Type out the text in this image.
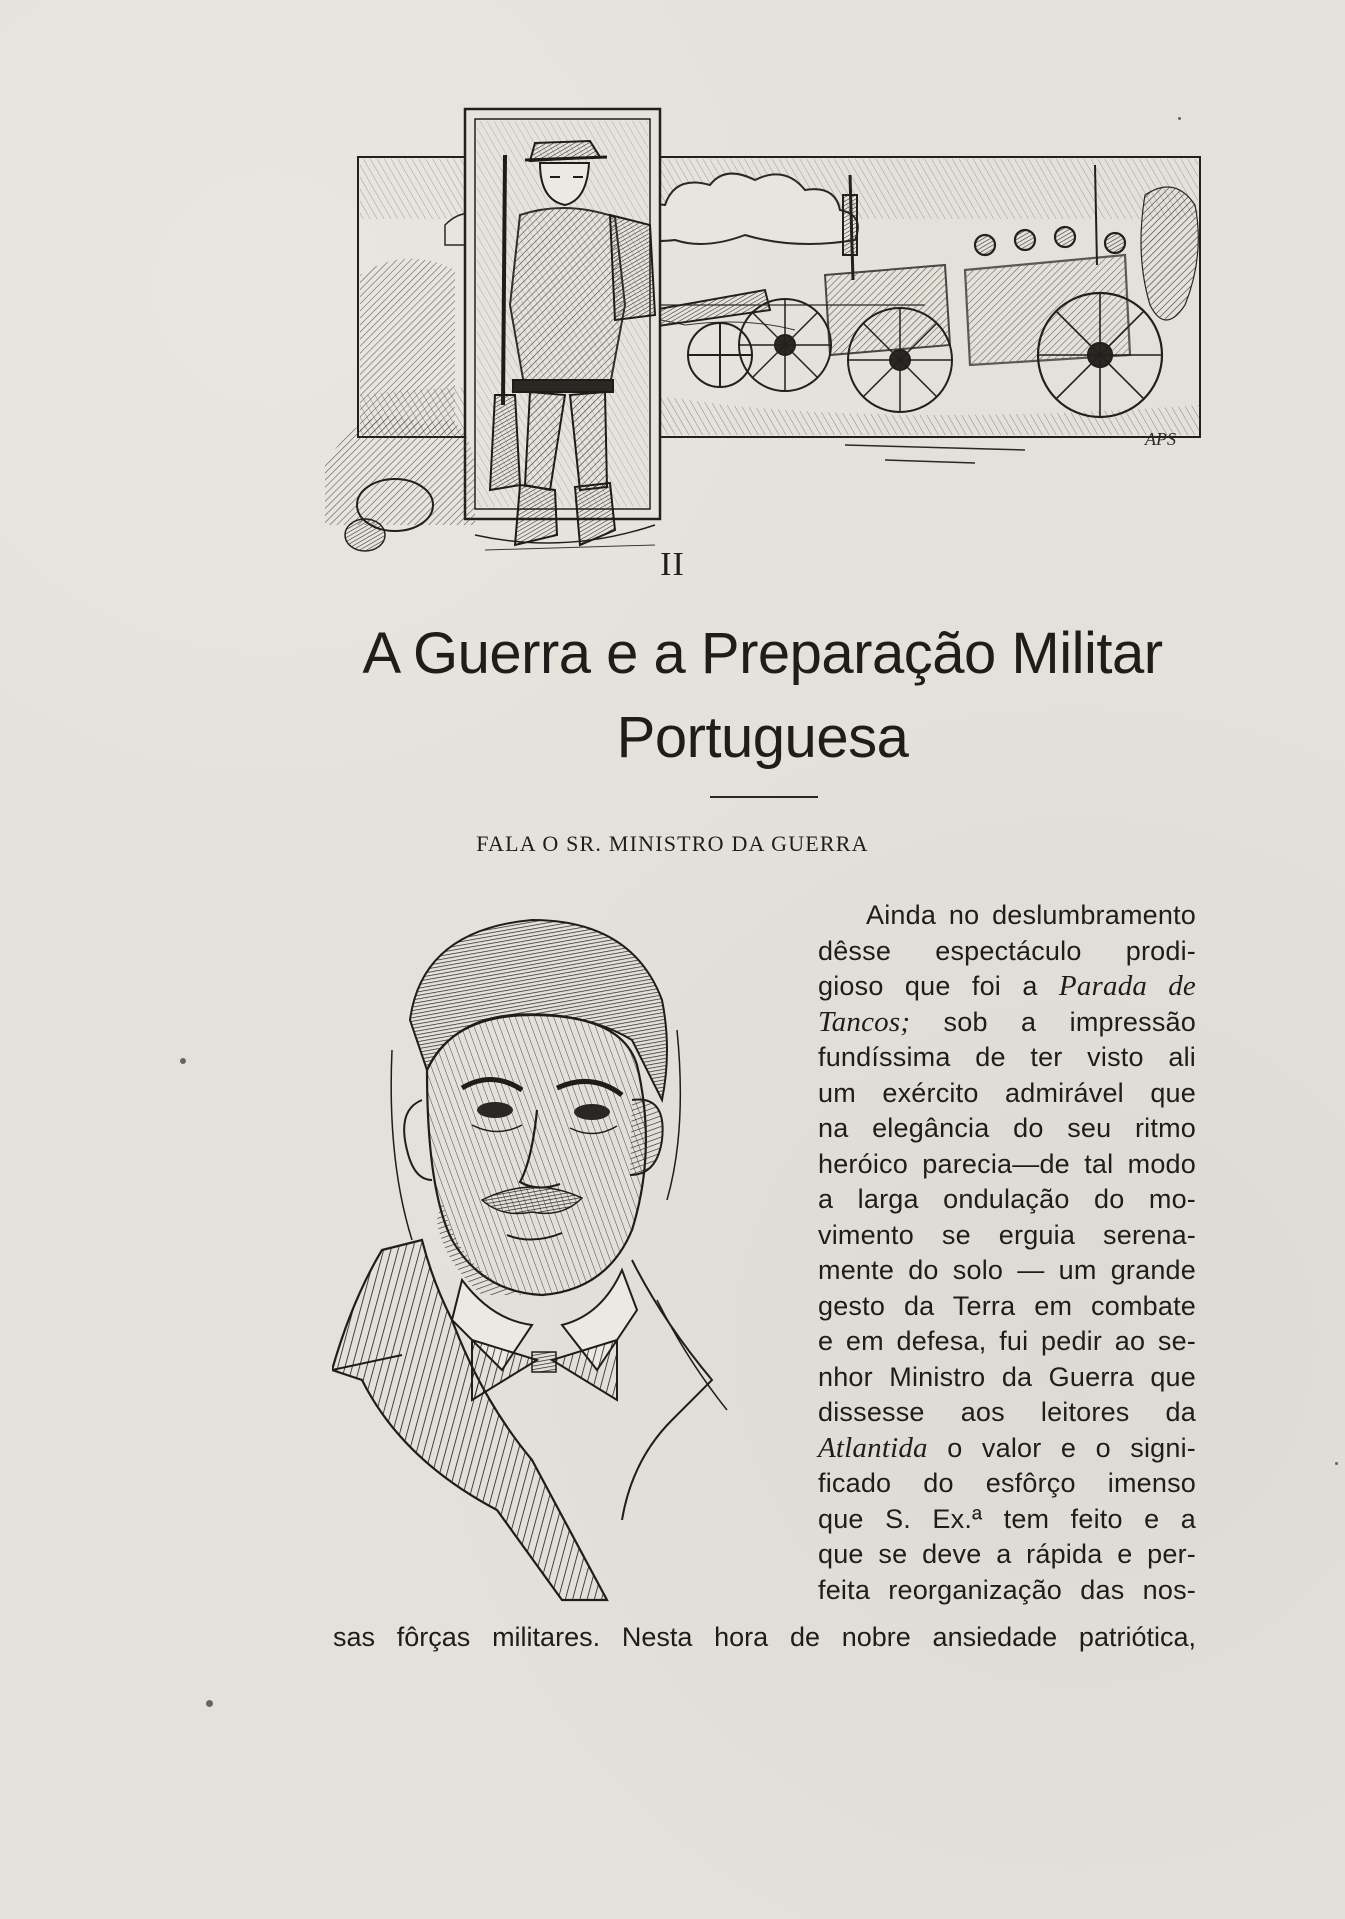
APS
II
A Guerra e a Preparação Militar
Portuguesa
FALA O SR. MINISTRO DA GUERRA
Ainda no deslumbramento
dêsse espectáculo prodi-
gioso que foi a Parada de
Tancos; sob a impressão
fundíssima de ter visto ali
um exército admirável que
na elegância do seu ritmo
heróico parecia—de tal modo
a larga ondulação do mo-
vimento se erguia serena-
mente do solo — um grande
gesto da Terra em combate
e em defesa, fui pedir ao se-
nhor Ministro da Guerra que
dissesse aos leitores da
Atlantida o valor e o signi-
ficado do esfôrço imenso
que S. Ex.ª tem feito e a
que se deve a rápida e per-
feita reorganização das nos-
sas fôrças militares. Nesta hora de nobre ansiedade patriótica,
